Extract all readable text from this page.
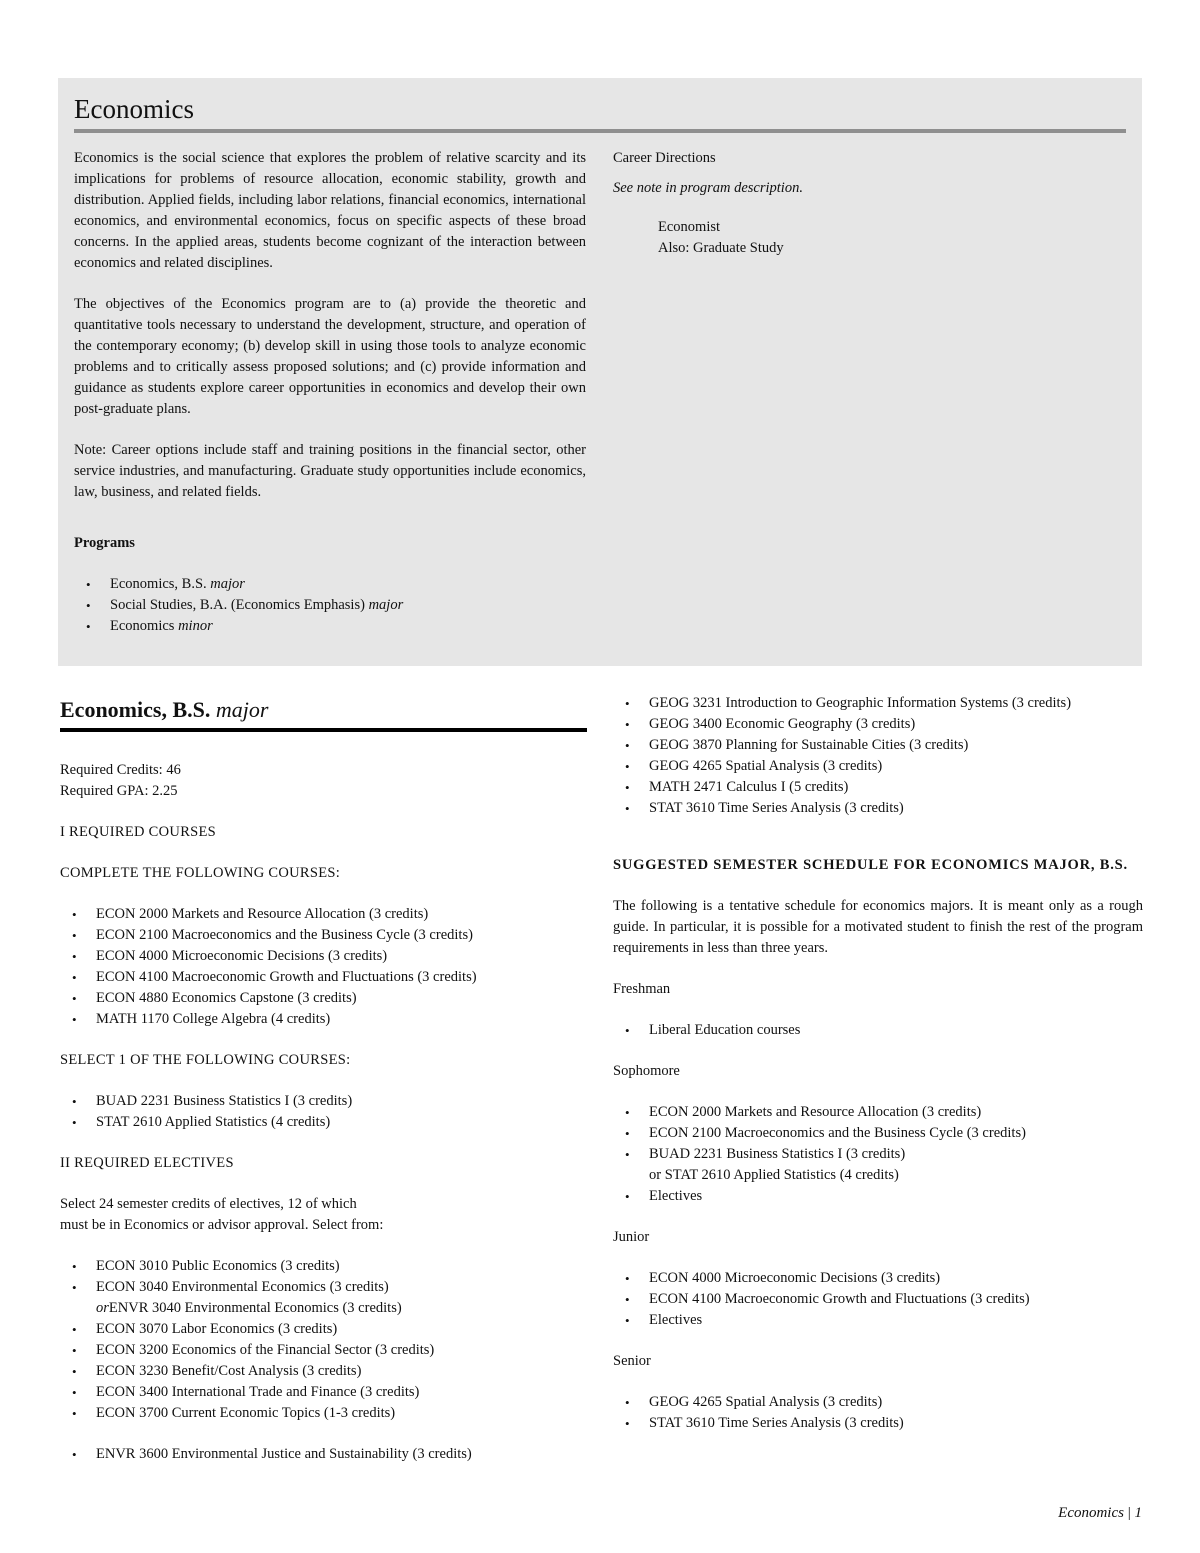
Economics

Economics is the social science that explores the problem of relative scarcity and its implications for problems of resource allocation, economic stability, growth and distribution. Applied fields, including labor relations, financial economics, international economics, and environmental economics, focus on specific aspects of these broad concerns. In the applied areas, students become cognizant of the interaction between economics and related disciplines.

The objectives of the Economics program are to (a) provide the theoretic and quantitative tools necessary to understand the development, structure, and operation of the contemporary economy; (b) develop skill in using those tools to analyze economic problems and to critically assess proposed solutions; and (c) provide information and guidance as students explore career opportunities in economics and develop their own post-graduate plans.

Note: Career options include staff and training positions in the financial sector, other service industries, and manufacturing. Graduate study opportunities include economics, law, business, and related fields.

Programs
• Economics, B.S. major
• Social Studies, B.A. (Economics Emphasis) major
• Economics minor
Career Directions
See note in program description.
Economist
Also: Graduate Study
Economics, B.S. major
Required Credits: 46
Required GPA: 2.25
I REQUIRED COURSES
COMPLETE THE FOLLOWING COURSES:
• ECON 2000 Markets and Resource Allocation (3 credits)
• ECON 2100 Macroeconomics and the Business Cycle (3 credits)
• ECON 4000 Microeconomic Decisions (3 credits)
• ECON 4100 Macroeconomic Growth and Fluctuations (3 credits)
• ECON 4880 Economics Capstone (3 credits)
• MATH 1170 College Algebra (4 credits)
SELECT 1 OF THE FOLLOWING COURSES:
• BUAD 2231 Business Statistics I (3 credits)
• STAT 2610 Applied Statistics (4 credits)
II REQUIRED ELECTIVES
Select 24 semester credits of electives, 12 of which
must be in Economics or advisor approval. Select from:
• ECON 3010 Public Economics (3 credits)
• ECON 3040 Environmental Economics (3 credits)
orENVR 3040 Environmental Economics (3 credits)
• ECON 3070 Labor Economics (3 credits)
• ECON 3200 Economics of the Financial Sector (3 credits)
• ECON 3230 Benefit/Cost Analysis (3 credits)
• ECON 3400 International Trade and Finance (3 credits)
• ECON 3700 Current Economic Topics (1-3 credits)
• ENVR 3600 Environmental Justice and Sustainability (3 credits)
• GEOG 3231 Introduction to Geographic Information Systems (3 credits)
• GEOG 3400 Economic Geography (3 credits)
• GEOG 3870 Planning for Sustainable Cities (3 credits)
• GEOG 4265 Spatial Analysis (3 credits)
• MATH 2471 Calculus I (5 credits)
• STAT 3610 Time Series Analysis (3 credits)
SUGGESTED SEMESTER SCHEDULE FOR ECONOMICS MAJOR, B.S.
The following is a tentative schedule for economics majors. It is meant only as a rough guide. In particular, it is possible for a motivated student to finish the rest of the program requirements in less than three years.
Freshman
• Liberal Education courses
Sophomore
• ECON 2000 Markets and Resource Allocation (3 credits)
• ECON 2100 Macroeconomics and the Business Cycle (3 credits)
• BUAD 2231 Business Statistics I (3 credits)
or STAT 2610 Applied Statistics (4 credits)
• Electives
Junior
• ECON 4000 Microeconomic Decisions (3 credits)
• ECON 4100 Macroeconomic Growth and Fluctuations (3 credits)
• Electives
Senior
• GEOG 4265 Spatial Analysis (3 credits)
• STAT 3610 Time Series Analysis (3 credits)
Economics | 1
